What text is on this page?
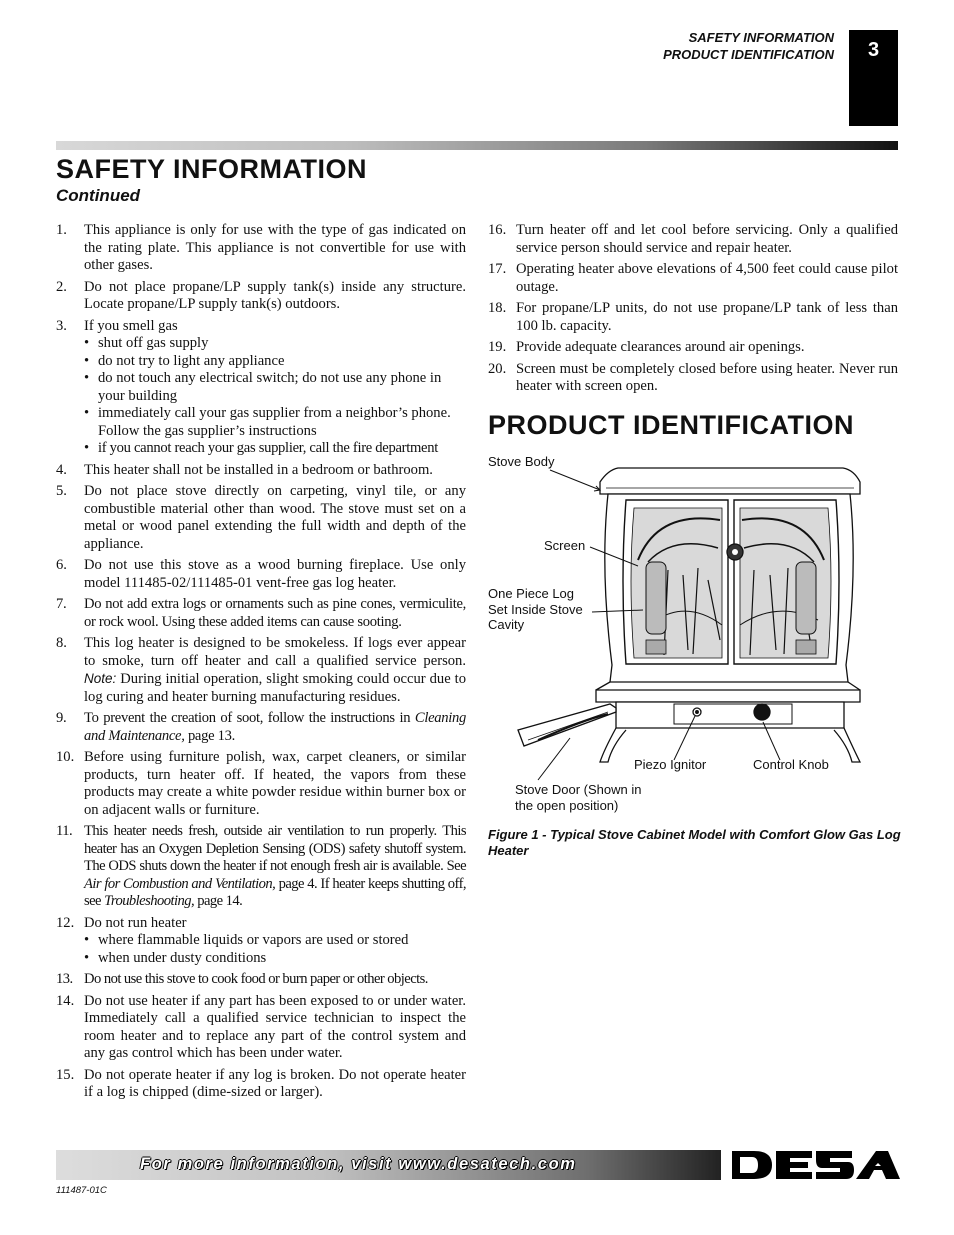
SAFETY INFORMATION
PRODUCT IDENTIFICATION	3
SAFETY INFORMATION
Continued
1.	This appliance is only for use with the type of gas indicated on the rating plate. This appliance is not convertible for use with other gases.
2.	Do not place propane/LP supply tank(s) inside any structure. Locate propane/LP supply tank(s) outdoors.
3.	If you smell gas
• shut off gas supply
• do not try to light any appliance
• do not touch any electrical switch; do not use any phone in your building
• immediately call your gas supplier from a neighbor’s phone. Follow the gas supplier’s instructions
• if you cannot reach your gas supplier, call the fire department
4.	This heater shall not be installed in a bedroom or bathroom.
5.	Do not place stove directly on carpeting, vinyl tile, or any combustible material other than wood. The stove must set on a metal or wood panel extending the full width and depth of the appliance.
6.	Do not use this stove as a wood burning fireplace. Use only model 111485-02/111485-01 vent-free gas log heater.
7.	Do not add extra logs or ornaments such as pine cones, vermiculite, or rock wool. Using these added items can cause sooting.
8.	This log heater is designed to be smokeless. If logs ever appear to smoke, turn off heater and call a qualified service person. Note: During initial operation, slight smoking could occur due to log curing and heater burning manufacturing residues.
9.	To prevent the creation of soot, follow the instructions in Cleaning and Maintenance, page 13.
10. Before using furniture polish, wax, carpet cleaners, or similar products, turn heater off. If heated, the vapors from these products may create a white powder residue within burner box or on adjacent walls or furniture.
11. This heater needs fresh, outside air ventilation to run properly. This heater has an Oxygen Depletion Sensing (ODS) safety shutoff system. The ODS shuts down the heater if not enough fresh air is available. See Air for Combustion and Ventilation, page 4. If heater keeps shutting off, see Troubleshooting, page 14.
12. Do not run heater
• where flammable liquids or vapors are used or stored
• when under dusty conditions
13. Do not use this stove to cook food or burn paper or other objects.
14. Do not use heater if any part has been exposed to or under water. Immediately call a qualified service technician to inspect the room heater and to replace any part of the control system and any gas control which has been under water.
15. Do not operate heater if any log is broken. Do not operate heater if a log is chipped (dime-sized or larger).
16. Turn heater off and let cool before servicing. Only a qualified service person should service and repair heater.
17. Operating heater above elevations of 4,500 feet could cause pilot outage.
18. For propane/LP units, do not use propane/LP tank of less than 100 lb. capacity.
19. Provide adequate clearances around air openings.
20. Screen must be completely closed before using heater. Never run heater with screen open.
PRODUCT IDENTIFICATION
Stove Body
Screen
One Piece Log
Set Inside Stove
Cavity
Piezo Ignitor	Control Knob
Stove Door (Shown in
the open position)
Figure 1 - Typical Stove Cabinet Model with Comfort Glow Gas Log Heater
For more information, visit www.desatech.com
111487-01C
